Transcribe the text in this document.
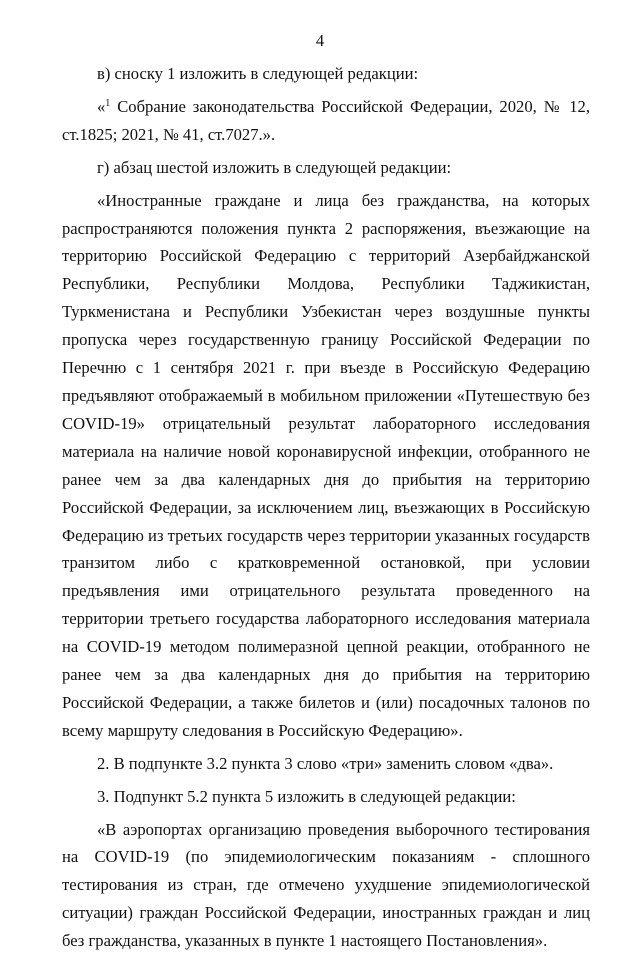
4

в) сноску 1 изложить в следующей редакции:

«$^1$ Собрание законодательства Российской Федерации, 2020, № 12, ст.1825; 2021, № 41, ст.7027.».

г) абзац шестой изложить в следующей редакции:

«Иностранные граждане и лица без гражданства, на которых распространяются положения пункта 2 распоряжения, въезжающие на территорию Российской Федерацию с территорий Азербайджанской Республики, Республики Молдова, Республики Таджикистан, Туркменистана и Республики Узбекистан через воздушные пункты пропуска через государственную границу Российской Федерации по Перечню с 1 сентября 2021 г. при въезде в Российскую Федерацию предъявляют отображаемый в мобильном приложении «Путешествую без COVID-19» отрицательный результат лабораторного исследования материала на наличие новой коронавирусной инфекции, отобранного не ранее чем за два календарных дня до прибытия на территорию Российской Федерации, за исключением лиц, въезжающих в Российскую Федерацию из третьих государств через территории указанных государств транзитом либо с кратковременной остановкой, при условии предъявления ими отрицательного результата проведенного на территории третьего государства лабораторного исследования материала на COVID-19 методом полимеразной цепной реакции, отобранного не ранее чем за два календарных дня до прибытия на территорию Российской Федерации, а также билетов и (или) посадочных талонов по всему маршруту следования в Российскую Федерацию».

2. В подпункте 3.2 пункта 3 слово «три» заменить словом «два».

3. Подпункт 5.2 пункта 5 изложить в следующей редакции:

«В аэропортах организацию проведения выборочного тестирования на COVID-19 (по эпидемиологическим показаниям - сплошного тестирования из стран, где отмечено ухудшение эпидемиологической ситуации) граждан Российской Федерации, иностранных граждан и лиц без гражданства, указанных в пункте 1 настоящего Постановления».
